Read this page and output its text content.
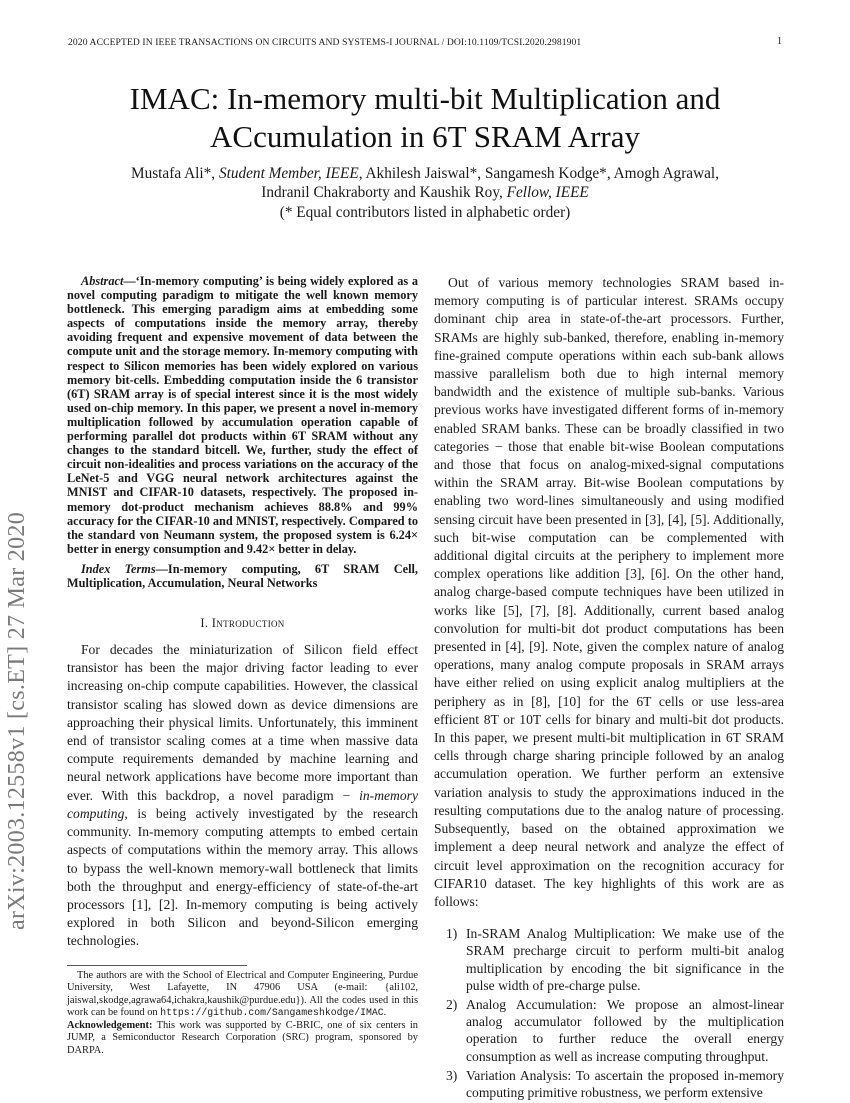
2020 ACCEPTED IN IEEE TRANSACTIONS ON CIRCUITS AND SYSTEMS-I JOURNAL / DOI:10.1109/TCSI.2020.2981901	1
IMAC: In-memory multi-bit Multiplication and
ACcumulation in 6T SRAM Array
Mustafa Ali*, Student Member, IEEE, Akhilesh Jaiswal*, Sangamesh Kodge*, Amogh Agrawal,
Indranil Chakraborty and Kaushik Roy, Fellow, IEEE
(* Equal contributors listed in alphabetic order)
arXiv:2003.12558v1 [cs.ET] 27 Mar 2020

Abstract—‘In-memory computing’ is being widely explored as a novel computing paradigm to mitigate the well known memory bottleneck. This emerging paradigm aims at embedding some aspects of computations inside the memory array, thereby avoiding frequent and expensive movement of data between the compute unit and the storage memory. In-memory computing with respect to Silicon memories has been widely explored on various memory bit-cells. Embedding computation inside the 6 transistor (6T) SRAM array is of special interest since it is the most widely used on-chip memory. In this paper, we present a novel in-memory multiplication followed by accumulation operation capable of performing parallel dot products within 6T SRAM without any changes to the standard bitcell. We, further, study the effect of circuit non-idealities and process variations on the accuracy of the LeNet-5 and VGG neural network architectures against the MNIST and CIFAR-10 datasets, respectively. The proposed in-memory dot-product mechanism achieves 88.8% and 99% accuracy for the CIFAR-10 and MNIST, respectively. Compared to the standard von Neumann system, the proposed system is 6.24× better in energy consumption and 9.42× better in delay.

Index Terms—In-memory computing, 6T SRAM Cell, Multiplication, Accumulation, Neural Networks

I. Introduction

For decades the miniaturization of Silicon field effect transistor has been the major driving factor leading to ever increasing on-chip compute capabilities. However, the classical transistor scaling has slowed down as device dimensions are approaching their physical limits. Unfortunately, this imminent end of transistor scaling comes at a time when massive data compute requirements demanded by machine learning and neural network applications have become more important than ever. With this backdrop, a novel paradigm − in-memory computing, is being actively investigated by the research community. In-memory computing attempts to embed certain aspects of computations within the memory array. This allows to bypass the well-known memory-wall bottleneck that limits both the throughput and energy-efficiency of state-of-the-art processors [1], [2]. In-memory computing is being actively explored in both Silicon and beyond-Silicon emerging technologies.

The authors are with the School of Electrical and Computer Engineering, Purdue University, West Lafayette, IN 47906 USA (e-mail: {ali102, jaiswal,skodge,agrawa64,ichakra,kaushik@purdue.edu}). All the codes used in this work can be found on https://github.com/Sangameshkodge/IMAC.

Acknowledgement: This work was supported by C-BRIC, one of six centers in JUMP, a Semiconductor Research Corporation (SRC) program, sponsored by DARPA.

Out of various memory technologies SRAM based in-memory computing is of particular interest. SRAMs occupy dominant chip area in state-of-the-art processors. Further, SRAMs are highly sub-banked, therefore, enabling in-memory fine-grained compute operations within each sub-bank allows massive parallelism both due to high internal memory bandwidth and the existence of multiple sub-banks. Various previous works have investigated different forms of in-memory enabled SRAM banks. These can be broadly classified in two categories − those that enable bit-wise Boolean computations and those that focus on analog-mixed-signal computations within the SRAM array. Bit-wise Boolean computations by enabling two word-lines simultaneously and using modified sensing circuit have been presented in [3], [4], [5]. Additionally, such bit-wise computation can be complemented with additional digital circuits at the periphery to implement more complex operations like addition [3], [6]. On the other hand, analog charge-based compute techniques have been utilized in works like [5], [7], [8]. Additionally, current based analog convolution for multi-bit dot product computations has been presented in [4], [9]. Note, given the complex nature of analog operations, many analog compute proposals in SRAM arrays have either relied on using explicit analog multipliers at the periphery as in [8], [10] for the 6T cells or use less-area efficient 8T or 10T cells for binary and multi-bit dot products. In this paper, we present multi-bit multiplication in 6T SRAM cells through charge sharing principle followed by an analog accumulation operation. We further perform an extensive variation analysis to study the approximations induced in the resulting computations due to the analog nature of processing. Subsequently, based on the obtained approximation we implement a deep neural network and analyze the effect of circuit level approximation on the recognition accuracy for CIFAR10 dataset. The key highlights of this work are as follows:

1) In-SRAM Analog Multiplication: We make use of the SRAM precharge circuit to perform multi-bit analog multiplication by encoding the bit significance in the pulse width of pre-charge pulse.
2) Analog Accumulation: We propose an almost-linear analog accumulator followed by the multiplication operation to further reduce the overall energy consumption as well as increase computing throughput.
3) Variation Analysis: To ascertain the proposed in-memory computing primitive robustness, we perform extensive
